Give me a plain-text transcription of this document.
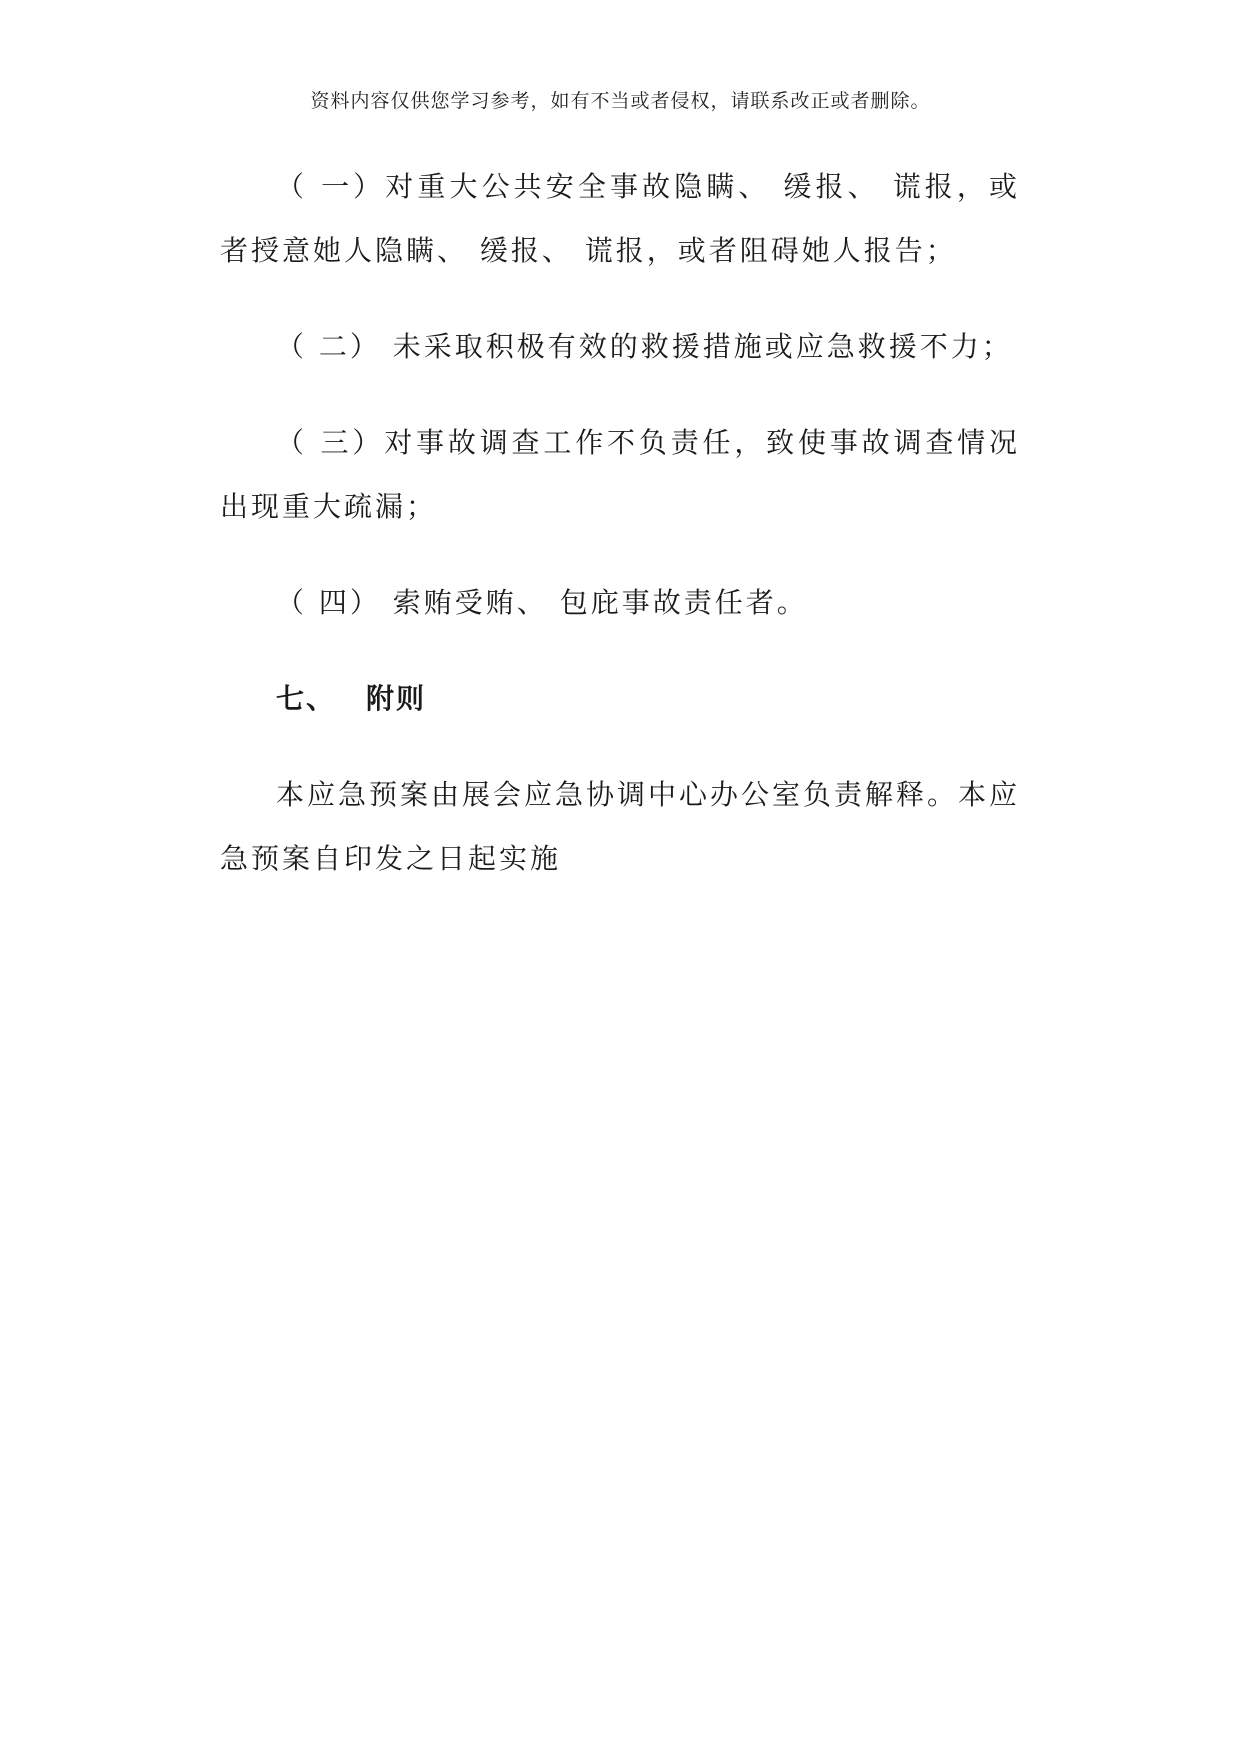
资料内容仅供您学习参考，如有不当或者侵权，请联系改正或者删除。

（ 一）对重大公共安全事故隐瞒、 缓报、 谎报，或者授意她人隐瞒、 缓报、 谎报，或者阻碍她人报告；

（ 二） 未采取积极有效的救援措施或应急救援不力；

（ 三）对事故调查工作不负责任，致使事故调查情况出现重大疏漏；

（ 四） 索贿受贿、 包庇事故责任者。

七、 附则

本应急预案由展会应急协调中心办公室负责解释。本应急预案自印发之日起实施
